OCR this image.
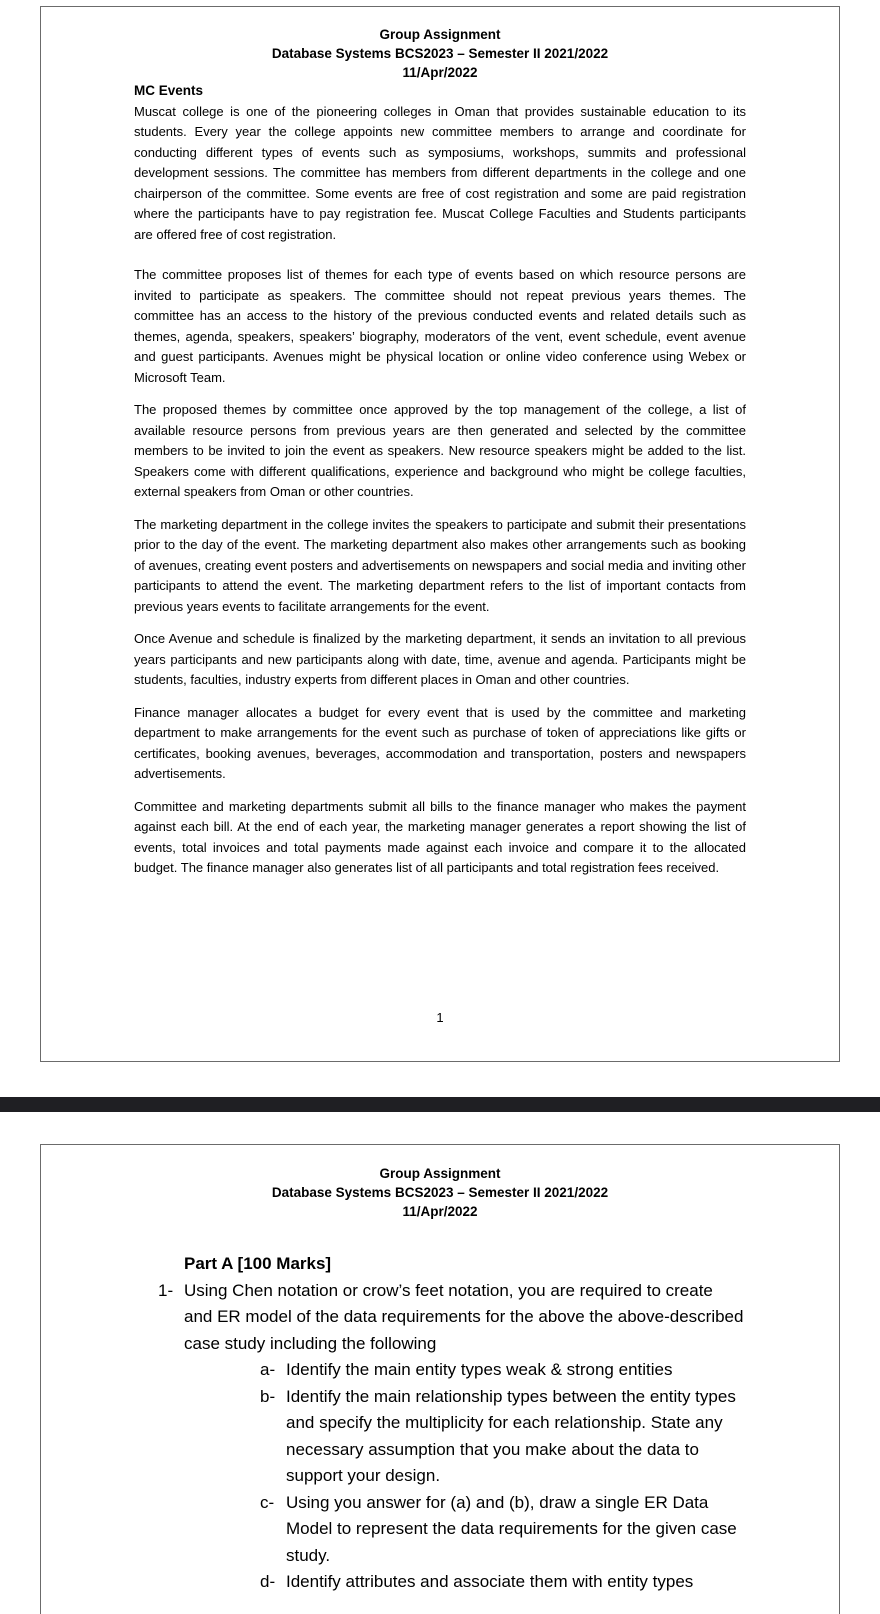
Group Assignment
Database Systems BCS2023 – Semester II 2021/2022
11/Apr/2022
MC Events

Muscat college is one of the pioneering colleges in Oman that provides sustainable education to its students. Every year the college appoints new committee members to arrange and coordinate for conducting different types of events such as symposiums, workshops, summits and professional development sessions. The committee has members from different departments in the college and one chairperson of the committee. Some events are free of cost registration and some are paid registration where the participants have to pay registration fee. Muscat College Faculties and Students participants are offered free of cost registration.

The committee proposes list of themes for each type of events based on which resource persons are invited to participate as speakers. The committee should not repeat previous years themes. The committee has an access to the history of the previous conducted events and related details such as themes, agenda, speakers, speakers’ biography, moderators of the vent, event schedule, event avenue and guest participants. Avenues might be physical location or online video conference using Webex or Microsoft Team.

The proposed themes by committee once approved by the top management of the college, a list of available resource persons from previous years are then generated and selected by the committee members to be invited to join the event as speakers. New resource speakers might be added to the list. Speakers come with different qualifications, experience and background who might be college faculties, external speakers from Oman or other countries.

The marketing department in the college invites the speakers to participate and submit their presentations prior to the day of the event. The marketing department also makes other arrangements such as booking of avenues, creating event posters and advertisements on newspapers and social media and inviting other participants to attend the event. The marketing department refers to the list of important contacts from previous years events to facilitate arrangements for the event.

Once Avenue and schedule is finalized by the marketing department, it sends an invitation to all previous years participants and new participants along with date, time, avenue and agenda. Participants might be students, faculties, industry experts from different places in Oman and other countries.

Finance manager allocates a budget for every event that is used by the committee and marketing department to make arrangements for the event such as purchase of token of appreciations like gifts or certificates, booking avenues, beverages, accommodation and transportation, posters and newspapers advertisements.

Committee and marketing departments submit all bills to the finance manager who makes the payment against each bill. At the end of each year, the marketing manager generates a report showing the list of events, total invoices and total payments made against each invoice and compare it to the allocated budget. The finance manager also generates list of all participants and total registration fees received.

1
Group Assignment
Database Systems BCS2023 – Semester II 2021/2022
11/Apr/2022
Part A [100 Marks]
1- Using Chen notation or crow’s feet notation, you are required to create and ER model of the data requirements for the above the above-described case study including the following
a- Identify the main entity types weak & strong entities
b- Identify the main relationship types between the entity types and specify the multiplicity for each relationship. State any necessary assumption that you make about the data to support your design.
c- Using you answer for (a) and (b), draw a single ER Data Model to represent the data requirements for the given case study.
d- Identify attributes and associate them with entity types
